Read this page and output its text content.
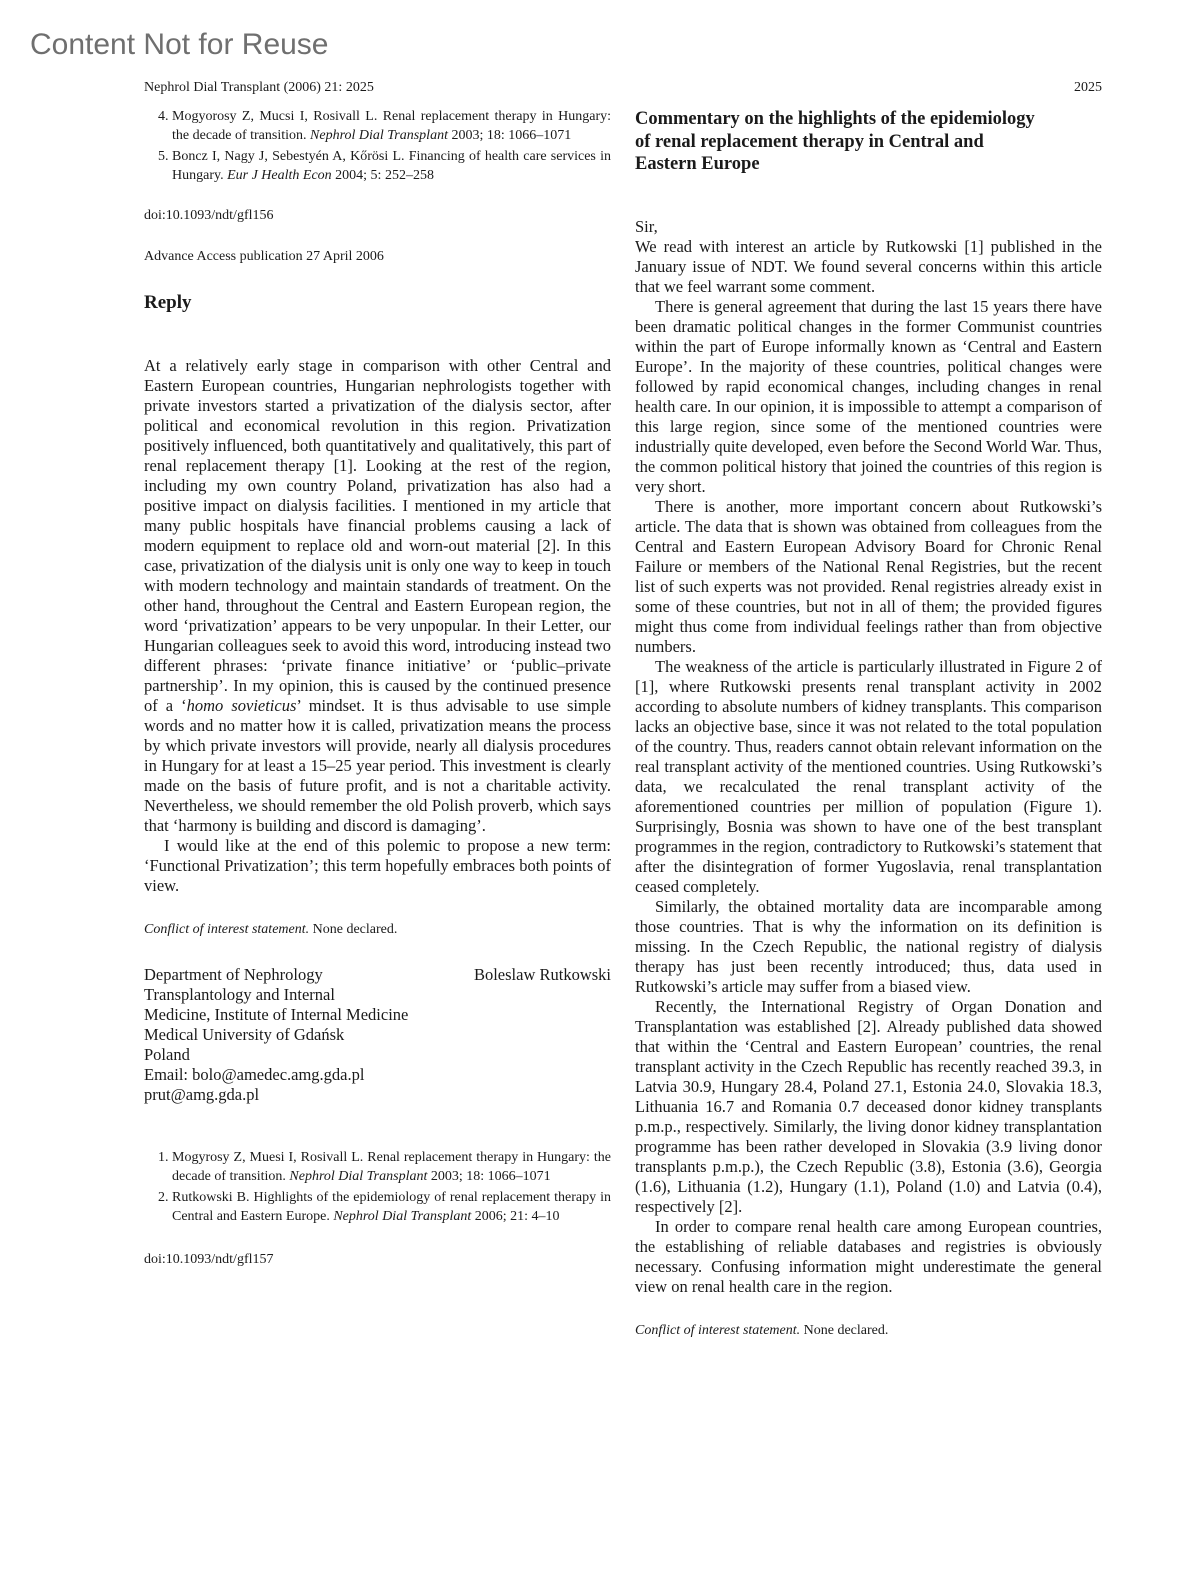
Content Not for Reuse
Nephrol Dial Transplant (2006) 21: 2025	2025
4. Mogyorosy Z, Mucsi I, Rosivall L. Renal replacement therapy in Hungary: the decade of transition. Nephrol Dial Transplant 2003; 18: 1066–1071
5. Boncz I, Nagy J, Sebestyén A, Kőrösi L. Financing of health care services in Hungary. Eur J Health Econ 2004; 5: 252–258
doi:10.1093/ndt/gfl156
Advance Access publication 27 April 2006
Reply

At a relatively early stage in comparison with other Central and Eastern European countries, Hungarian nephrologists together with private investors started a privatization of the dialysis sector, after political and economical revolution in this region. Privatization positively influenced, both quantitatively and qualitatively, this part of renal replacement therapy [1]. Looking at the rest of the region, including my own country Poland, privatization has also had a positive impact on dialysis facilities. I mentioned in my article that many public hospitals have financial problems causing a lack of modern equipment to replace old and worn-out material [2]. In this case, privatization of the dialysis unit is only one way to keep in touch with modern technology and maintain standards of treatment. On the other hand, throughout the Central and Eastern European region, the word ‘privatization’ appears to be very unpopular. In their Letter, our Hungarian colleagues seek to avoid this word, introducing instead two different phrases: ‘private finance initiative’ or ‘public–private partnership’. In my opinion, this is caused by the continued presence of a ‘homo sovieticus’ mindset. It is thus advisable to use simple words and no matter how it is called, privatization means the process by which private investors will provide, nearly all dialysis procedures in Hungary for at least a 15–25 year period. This investment is clearly made on the basis of future profit, and is not a charitable activity. Nevertheless, we should remember the old Polish proverb, which says that ‘harmony is building and discord is damaging’.

I would like at the end of this polemic to propose a new term: ‘Functional Privatization’; this term hopefully embraces both points of view.

Conflict of interest statement. None declared.
Department of Nephrology
Transplantology and Internal
Medicine, Institute of Internal Medicine
Medical University of Gdańsk
Poland
Email: bolo@amedec.amg.gda.pl
prut@amg.gda.pl
Boleslaw Rutkowski
1. Mogyrosy Z, Muesi I, Rosivall L. Renal replacement therapy in Hungary: the decade of transition. Nephrol Dial Transplant 2003; 18: 1066–1071
2. Rutkowski B. Highlights of the epidemiology of renal replacement therapy in Central and Eastern Europe. Nephrol Dial Transplant 2006; 21: 4–10
doi:10.1093/ndt/gfl157
Commentary on the highlights of the epidemiology
of renal replacement therapy in Central and
Eastern Europe

Sir,

We read with interest an article by Rutkowski [1] published in the January issue of NDT. We found several concerns within this article that we feel warrant some comment.

There is general agreement that during the last 15 years there have been dramatic political changes in the former Communist countries within the part of Europe informally known as ‘Central and Eastern Europe’. In the majority of these countries, political changes were followed by rapid economical changes, including changes in renal health care. In our opinion, it is impossible to attempt a comparison of this large region, since some of the mentioned countries were industrially quite developed, even before the Second World War. Thus, the common political history that joined the countries of this region is very short.

There is another, more important concern about Rutkowski’s article. The data that is shown was obtained from colleagues from the Central and Eastern European Advisory Board for Chronic Renal Failure or members of the National Renal Registries, but the recent list of such experts was not provided. Renal registries already exist in some of these countries, but not in all of them; the provided figures might thus come from individual feelings rather than from objective numbers.

The weakness of the article is particularly illustrated in Figure 2 of [1], where Rutkowski presents renal transplant activity in 2002 according to absolute numbers of kidney transplants. This comparison lacks an objective base, since it was not related to the total population of the country. Thus, readers cannot obtain relevant information on the real transplant activity of the mentioned countries. Using Rutkowski’s data, we recalculated the renal transplant activity of the aforementioned countries per million of population (Figure 1). Surprisingly, Bosnia was shown to have one of the best transplant programmes in the region, contradictory to Rutkowski’s statement that after the disintegration of former Yugoslavia, renal transplantation ceased completely.

Similarly, the obtained mortality data are incomparable among those countries. That is why the information on its definition is missing. In the Czech Republic, the national registry of dialysis therapy has just been recently introduced; thus, data used in Rutkowski’s article may suffer from a biased view.

Recently, the International Registry of Organ Donation and Transplantation was established [2]. Already published data showed that within the ‘Central and Eastern European’ countries, the renal transplant activity in the Czech Republic has recently reached 39.3, in Latvia 30.9, Hungary 28.4, Poland 27.1, Estonia 24.0, Slovakia 18.3, Lithuania 16.7 and Romania 0.7 deceased donor kidney transplants p.m.p., respectively. Similarly, the living donor kidney transplantation programme has been rather developed in Slovakia (3.9 living donor transplants p.m.p.), the Czech Republic (3.8), Estonia (3.6), Georgia (1.6), Lithuania (1.2), Hungary (1.1), Poland (1.0) and Latvia (0.4), respectively [2].

In order to compare renal health care among European countries, the establishing of reliable databases and registries is obviously necessary. Confusing information might underestimate the general view on renal health care in the region.

Conflict of interest statement. None declared.
